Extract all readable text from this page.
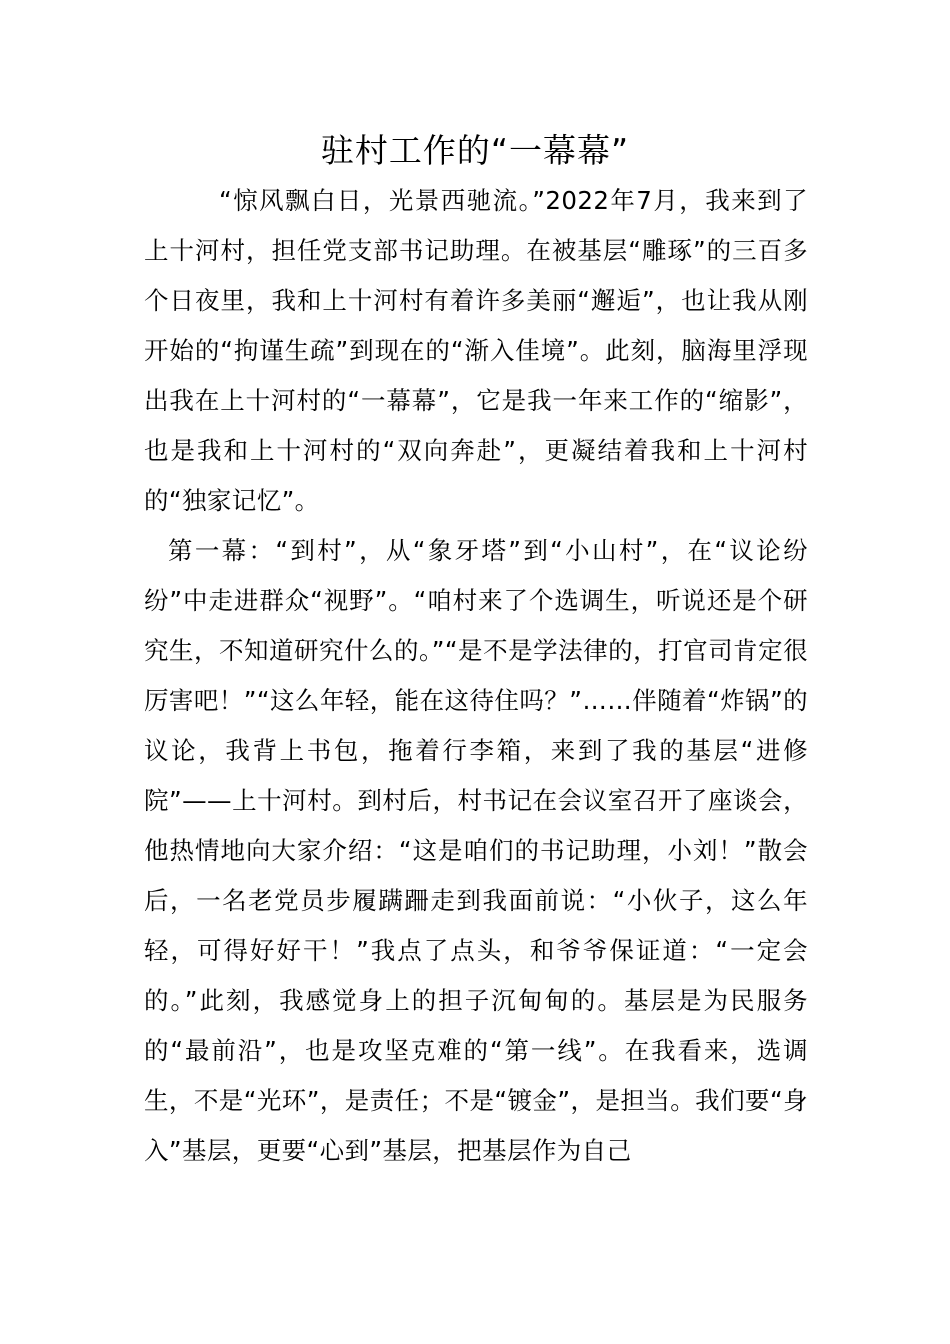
驻村工作的“一幕幕”

“惊风飘白日，光景西驰流。”2022年7月，我来到了上十河村，担任党支部书记助理。在被基层“雕琢”的三百多个日夜里，我和上十河村有着许多美丽“邂逅”，也让我从刚开始的“拘谨生疏”到现在的“渐入佳境”。此刻，脑海里浮现出我在上十河村的“一幕幕”，它是我一年来工作的“缩影”，也是我和上十河村的“双向奔赴”，更凝结着我和上十河村的“独家记忆”。

第一幕：“到村”，从“象牙塔”到“小山村”，在“议论纷纷”中走进群众“视野”。“咱村来了个选调生，听说还是个研究生，不知道研究什么的。”“是不是学法律的，打官司肯定很厉害吧！”“这么年轻，能在这待住吗？”……伴随着“炸锅”的议论，我背上书包，拖着行李箱，来到了我的基层“进修院”——上十河村。到村后，村书记在会议室召开了座谈会，他热情地向大家介绍：“这是咱们的书记助理，小刘！”散会后，一名老党员步履蹒跚走到我面前说：“小伙子，这么年轻，可得好好干！”我点了点头，和爷爷保证道：“一定会的。”此刻，我感觉身上的担子沉甸甸的。基层是为民服务的“最前沿”，也是攻坚克难的“第一线”。在我看来，选调生，不是“光环”，是责任；不是“镀金”，是担当。我们要“身入”基层，更要“心到”基层，把基层作为自己
